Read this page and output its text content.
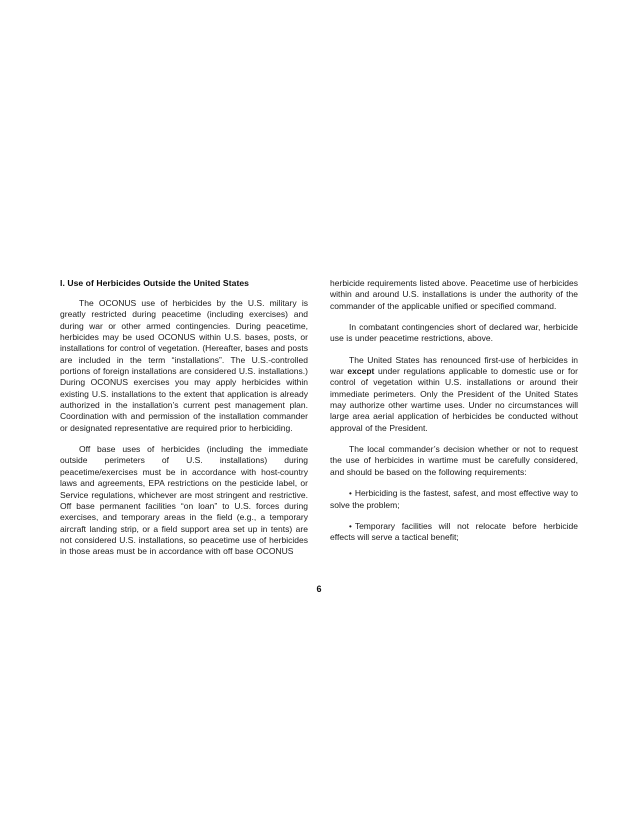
I. Use of Herbicides Outside the United States

The OCONUS use of herbicides by the U.S. military is greatly restricted during peacetime (including exercises) and during war or other armed contingencies. During peacetime, herbicides may be used OCONUS within U.S. bases, posts, or installations for control of vegetation. (Hereafter, bases and posts are included in the term “installations”. The U.S.-controlled portions of foreign installations are considered U.S. installations.) During OCONUS exercises you may apply herbicides within existing U.S. installations to the extent that application is already authorized in the installation’s current pest management plan. Coordination with and permission of the installation commander or designated representative are required prior to herbiciding.

Off base uses of herbicides (including the immediate outside perimeters of U.S. installations) during peacetime/exercises must be in accordance with host-country laws and agreements, EPA restrictions on the pesticide label, or Service regulations, whichever are most stringent and restrictive. Off base permanent facilities “on loan” to U.S. forces during exercises, and temporary areas in the field (e.g., a temporary aircraft landing strip, or a field support area set up in tents) are not considered U.S. installations, so peacetime use of herbicides in those areas must be in accordance with off base OCONUS

herbicide requirements listed above. Peacetime use of herbicides within and around U.S. installations is under the authority of the commander of the applicable unified or specified command.

In combatant contingencies short of declared war, herbicide use is under peacetime restrictions, above.

The United States has renounced first-use of herbicides in war except under regulations applicable to domestic use or for control of vegetation within U.S. installations or around their immediate perimeters. Only the President of the United States may authorize other wartime uses. Under no circumstances will large area aerial application of herbicides be conducted without approval of the President.

The local commander’s decision whether or not to request the use of herbicides in wartime must be carefully considered, and should be based on the following requirements:

• Herbiciding is the fastest, safest, and most effective way to solve the problem;

• Temporary facilities will not relocate before herbicide effects will serve a tactical benefit;

6
